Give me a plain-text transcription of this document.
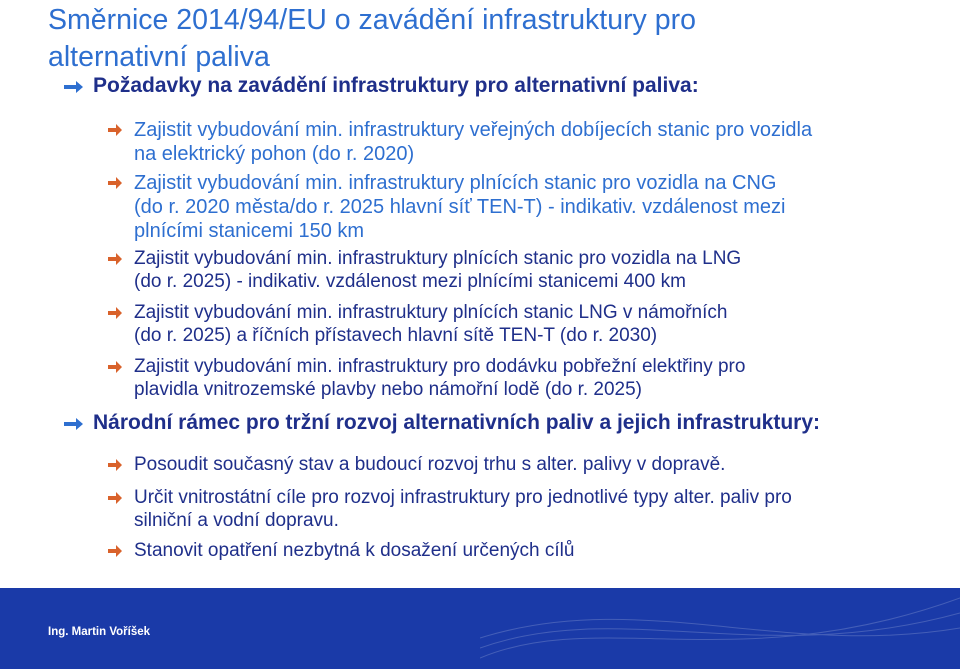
Směrnice 2014/94/EU o zavádění infrastruktury pro
alternativní paliva
Požadavky na zavádění infrastruktury pro alternativní paliva:
Zajistit vybudování min. infrastruktury veřejných dobíjecích stanic pro vozidla
na elektrický pohon (do r. 2020)
Zajistit vybudování min. infrastruktury plnících stanic pro vozidla na CNG
(do r. 2020 města/do r. 2025 hlavní síť TEN-T) - indikativ. vzdálenost mezi
plnícími stanicemi 150 km
Zajistit vybudování min. infrastruktury plnících stanic pro vozidla na LNG
(do r. 2025) - indikativ. vzdálenost mezi plnícími stanicemi 400 km
Zajistit vybudování min. infrastruktury plnících stanic LNG v námořních
(do r. 2025) a říčních přístavech hlavní sítě TEN-T (do r. 2030)
Zajistit vybudování min. infrastruktury pro dodávku pobřežní elektřiny pro
plavidla vnitrozemské plavby nebo námořní lodě (do r. 2025)
Národní rámec pro tržní rozvoj alternativních paliv a jejich infrastruktury:
Posoudit současný stav a budoucí rozvoj trhu s alter. palivy v dopravě.
Určit vnitrostátní cíle pro rozvoj infrastruktury pro jednotlivé typy alter. paliv pro
silniční a vodní dopravu.
Stanovit opatření nezbytná k dosažení určených cílů
Ing. Martin Voříšek
